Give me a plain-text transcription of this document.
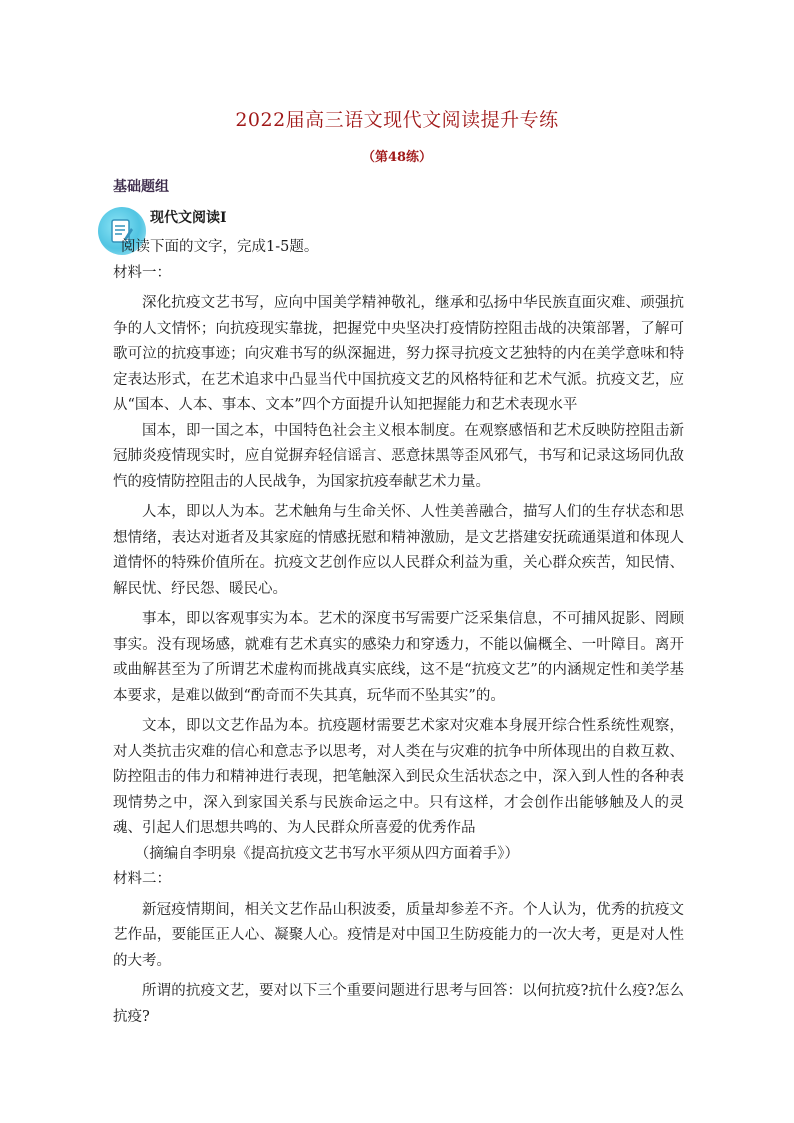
2022届高三语文现代文阅读提升专练
（第48练）
基础题组
现代文阅读Ⅰ

阅读下面的文字，完成1-5题。

材料一：

深化抗疫文艺书写，应向中国美学精神敬礼，继承和弘扬中华民族直面灾难、顽强抗争的人文情怀；向抗疫现实靠拢，把握党中央坚决打疫情防控阻击战的决策部署，了解可歌可泣的抗疫事迹；向灾难书写的纵深掘进，努力探寻抗疫文艺独特的内在美学意味和特定表达形式，在艺术追求中凸显当代中国抗疫文艺的风格特征和艺术气派。抗疫文艺，应从“国本、人本、事本、文本”四个方面提升认知把握能力和艺术表现水平

国本，即一国之本，中国特色社会主义根本制度。在观察感悟和艺术反映防控阻击新冠肺炎疫情现实时，应自觉摒弃轻信谣言、恶意抹黑等歪风邪气，书写和记录这场同仇敌忾的疫情防控阻击的人民战争，为国家抗疫奉献艺术力量。

人本，即以人为本。艺术触角与生命关怀、人性美善融合，描写人们的生存状态和思想情绪，表达对逝者及其家庭的情感抚慰和精神激励，是文艺搭建安抚疏通渠道和体现人道情怀的特殊价值所在。抗疫文艺创作应以人民群众利益为重，关心群众疾苦，知民情、解民忧、纾民怨、暖民心。

事本，即以客观事实为本。艺术的深度书写需要广泛采集信息，不可捕风捉影、罔顾事实。没有现场感，就难有艺术真实的感染力和穿透力，不能以偏概全、一叶障目。离开或曲解甚至为了所谓艺术虚构而挑战真实底线，这不是“抗疫文艺”的内涵规定性和美学基本要求，是难以做到“酌奇而不失其真，玩华而不坠其实”的。

文本，即以文艺作品为本。抗疫题材需要艺术家对灾难本身展开综合性系统性观察，对人类抗击灾难的信心和意志予以思考，对人类在与灾难的抗争中所体现出的自救互救、防控阻击的伟力和精神进行表现，把笔触深入到民众生活状态之中，深入到人性的各种表现情势之中，深入到家国关系与民族命运之中。只有这样，才会创作出能够触及人的灵魂、引起人们思想共鸣的、为人民群众所喜爱的优秀作品

（摘编自李明泉《提高抗疫文艺书写水平须从四方面着手》）

材料二：

新冠疫情期间，相关文艺作品山积波委，质量却参差不齐。个人认为，优秀的抗疫文艺作品，要能匡正人心、凝聚人心。疫情是对中国卫生防疫能力的一次大考，更是对人性的大考。

所谓的抗疫文艺，要对以下三个重要问题进行思考与回答：以何抗疫?抗什么疫?怎么抗疫?
